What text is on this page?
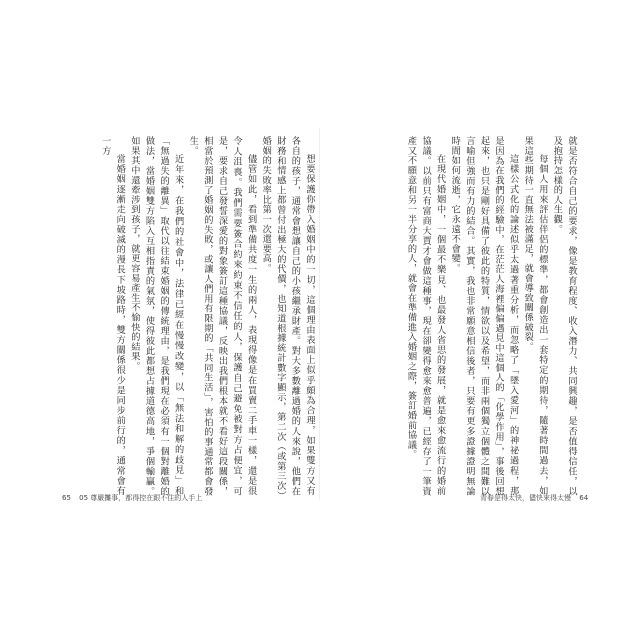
想要保護你帶入婚姻中的一切，這個理由表面上似乎頗為合理，如果雙方又有各自的孩子，通常會想讓自己的小孩繼承財產。對大多數離過婚的人來說，他們在財務和情感上都曾付出極大的代價，也知道根據統計數字顯示，第二次（或第三次）婚姻的失敗率比第一次還要高。

儘管如此，看到準備共度一生的兩人，表現得像是在買賣二手車一樣，還是很令人沮喪。我們需要簽合約來約束不信任的人，保護自己避免被對方占便宜，可是，要求自己發誓深愛的對象簽訂這種協議，反映出我們根本就不看好這段關係，相當於預測了婚姻的失敗，或讓人們用有限期的「共同生活」，害怕的事通常都會發生。

近年來，在我們的社會中，法律已經在慢慢改變，以「無法和解的歧見」和「無過失的離異」取代以往結束婚姻的傳統理由，是我們現在必須有一個對離婚的做法，當婚姻雙方陷入互相指責的氣氛，使得彼此都想占據道德高地，爭個輸贏。如果其中還牽涉到孩子，就更容易產生不愉快的結果。

當婚姻逐漸走向破滅的漫長下坡路時，雙方關係很少是同步前行的，通常會有一方	就是否符合自己的要求，像是教育程度、收入潛力、共同興趣，是否值得信任，以及抱持怎樣的人生觀。

每個人用來評估伴侶的標準，都會創造出一套特定的期待，隨著時間過去，如果這些期待一直無法被滿足，就會導致關係破裂。

這樣公式化的論述似乎太過著重分析，而忽略了「墜入愛河」的神祕過程，那是因為在我們的經驗中，在茫茫人海裡偏偏遇見中這個人的「化學作用」，事後回想起來，也只是剛好具備了彼此的特質，情欲以及希望，而非兩個獨立個體之間難以言喻但強而有力的結合。其實，我也非常願意相信後者，只要有更多證據證明無論時間如何流逝，它永遠不會變。

在現代婚姻中，一個最不樂見、也最發人省思的發展，就是愈來愈流行的婚前協議。以前只有富商大賈才會做這種事，現在卻變得愈來愈普遍，已經存了一筆資產又不願意和另一半分享的人，就會在準備進入婚姻之際，簽訂婚前協議。

65 05 尊嚴攤事，都得控在跟不住的人手上	青春是得太快，儘快來得太慢 64
